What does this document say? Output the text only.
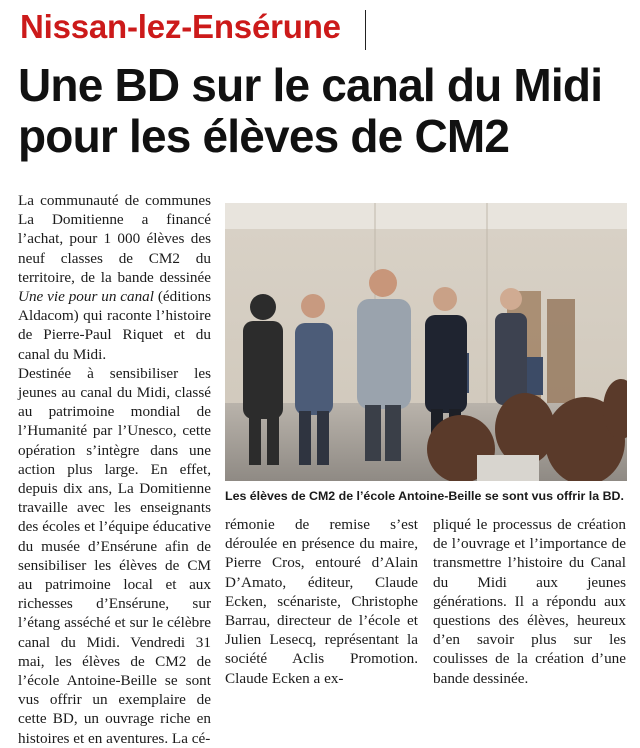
Nissan-lez-Ensérune
Une BD sur le canal du Midi
pour les élèves de CM2

La communauté de communes La Domitienne a financé l’achat, pour 1 000 élèves des neuf classes de CM2 du territoire, de la bande dessinée Une vie pour un canal (éditions Aldacom) qui raconte l’histoire de Pierre-Paul Riquet et du canal du Midi.

Destinée à sensibiliser les jeunes au canal du Midi, classé au patrimoine mondial de l’Humanité par l’Unesco, cette opération s’intègre dans une action plus large. En effet, depuis dix ans, La Domitienne travaille avec les enseignants des écoles et l’équipe éducative du musée d’Ensérune afin de sensibiliser les élèves de CM au patrimoine local et aux richesses d’Ensérune, sur l’étang asséché et sur le célèbre canal du Midi. Vendredi 31 mai, les élèves de CM2 de l’école Antoine-Beille se sont vus offrir un exemplaire de cette BD, un ouvrage riche en histoires et en aventures. La cé-

Les élèves de CM2 de l’école Antoine-Beille se sont vus offrir la BD.

rémonie de remise s’est déroulée en présence du maire, Pierre Cros, entouré d’Alain D’Amato, éditeur, Claude Ecken, scénariste, Christophe Barrau, directeur de l’école et Julien Lesecq, représentant la société Aclis Promotion. Claude Ecken a ex-

pliqué le processus de création de l’ouvrage et l’importance de transmettre l’histoire du Canal du Midi aux jeunes générations. Il a répondu aux questions des élèves, heureux d’en savoir plus sur les coulisses de la création d’une bande dessinée.
